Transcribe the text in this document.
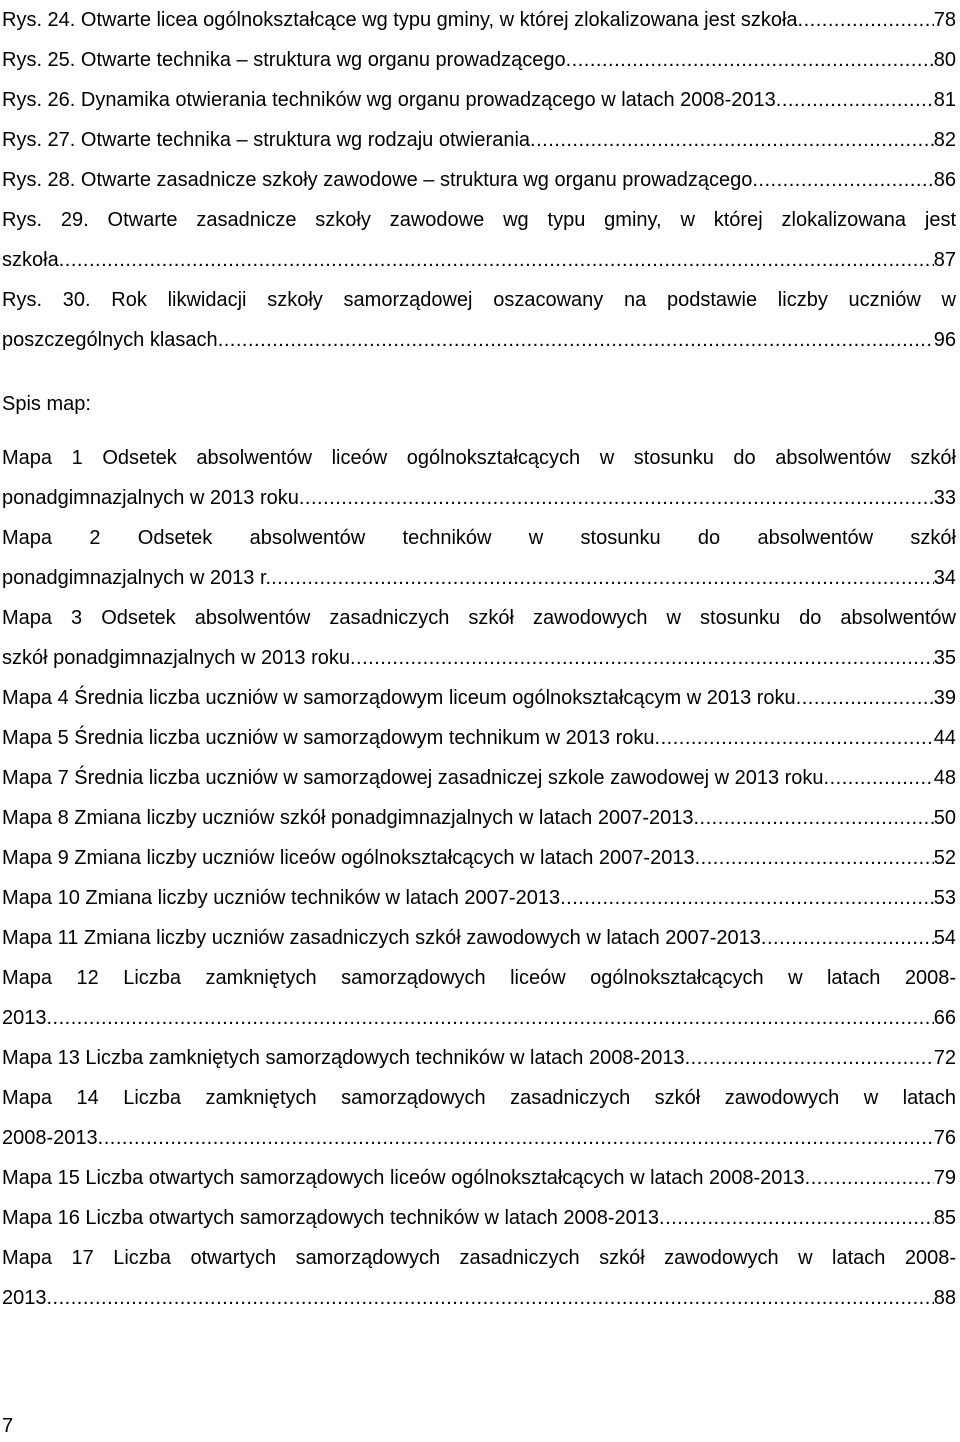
Rys. 24. Otwarte licea ogólnokształcące wg typu gminy, w której zlokalizowana jest szkoła .....	78
Rys. 25. Otwarte technika – struktura wg organu prowadzącego .....	80
Rys. 26. Dynamika otwierania techników wg organu prowadzącego w latach 2008-2013 .....	81
Rys. 27. Otwarte technika – struktura wg rodzaju otwierania .....	82
Rys. 28. Otwarte zasadnicze szkoły zawodowe – struktura wg organu prowadzącego .....	86
Rys. 29. Otwarte zasadnicze szkoły zawodowe wg typu gminy, w której zlokalizowana jest
szkoła .....	87
Rys. 30. Rok likwidacji szkoły samorządowej oszacowany na podstawie liczby uczniów w
poszczególnych klasach .....	96
Spis map:
Mapa 1 Odsetek absolwentów liceów ogólnokształcących w stosunku do absolwentów szkół
ponadgimnazjalnych w 2013 roku .....	33
Mapa 2 Odsetek absolwentów techników w stosunku do absolwentów szkół
ponadgimnazjalnych w 2013 r. .....	34
Mapa 3 Odsetek absolwentów zasadniczych szkół zawodowych w stosunku do absolwentów
szkół ponadgimnazjalnych w 2013 roku .....	35
Mapa 4 Średnia liczba uczniów w samorządowym liceum ogólnokształcącym w 2013 roku .....	39
Mapa 5 Średnia liczba uczniów w samorządowym technikum w 2013 roku .....	44
Mapa 7 Średnia liczba uczniów w samorządowej zasadniczej szkole zawodowej w 2013 roku .....	48
Mapa 8 Zmiana liczby uczniów szkół ponadgimnazjalnych w latach 2007-2013 .....	50
Mapa 9 Zmiana liczby uczniów liceów ogólnokształcących w latach 2007-2013 .....	52
Mapa 10 Zmiana liczby uczniów techników w latach 2007-2013 .....	53
Mapa 11 Zmiana liczby uczniów zasadniczych szkół zawodowych w latach 2007-2013 .....	54
Mapa 12 Liczba zamkniętych samorządowych liceów ogólnokształcących w latach 2008-
2013 .....	66
Mapa 13 Liczba zamkniętych samorządowych techników w latach 2008-2013 .....	72
Mapa 14 Liczba zamkniętych samorządowych zasadniczych szkół zawodowych w latach
2008-2013 .....	76
Mapa 15 Liczba otwartych samorządowych liceów ogólnokształcących w latach 2008-2013 .....	79
Mapa 16 Liczba otwartych samorządowych techników w latach 2008-2013 .....	85
Mapa 17 Liczba otwartych samorządowych zasadniczych szkół zawodowych w latach 2008-
2013 .....	88
7
